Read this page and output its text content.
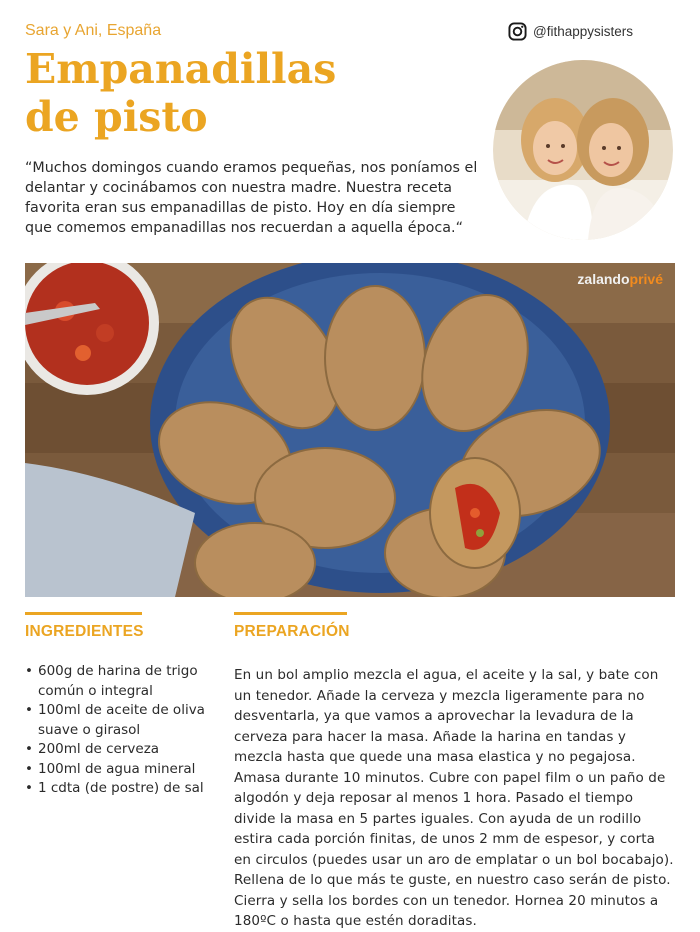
Sara y Ani, España	@fithappysisters
Empanadillas
de pisto

“Muchos domingos cuando eramos pequeñas, nos poníamos el delantar y cocinábamos con nuestra madre. Nuestra receta favorita eran sus empanadillas de pisto. Hoy en día siempre que comemos empanadillas nos recuerdan a aquella época.“

zalandoprivé
INGREDIENTES
• 600g de harina de trigo común o integral
• 100ml de aceite de oliva suave o girasol
• 200ml de cerveza
• 100ml de agua mineral
• 1 cdta (de postre) de sal
PREPARACIÓN

En un bol amplio mezcla el agua, el aceite y la sal, y bate con un tenedor. Añade la cerveza y mezcla ligeramente para no desventarla, ya que vamos a aprovechar la levadura de la cerveza para hacer la masa. Añade la harina en tandas y mezcla hasta que quede una masa elastica y no pegajosa. Amasa durante 10 minutos. Cubre con papel film o un paño de algodón y deja reposar al menos 1 hora. Pasado el tiempo divide la masa en 5 partes iguales. Con ayuda de un rodillo estira cada porción finitas, de unos 2 mm de espesor, y corta en circulos (puedes usar un aro de emplatar o un bol bocabajo). Rellena de lo que más te guste, en nuestro caso serán de pisto. Cierra y sella los bordes con un tenedor. Hornea 20 minutos a 180ºC o hasta que estén doraditas.
